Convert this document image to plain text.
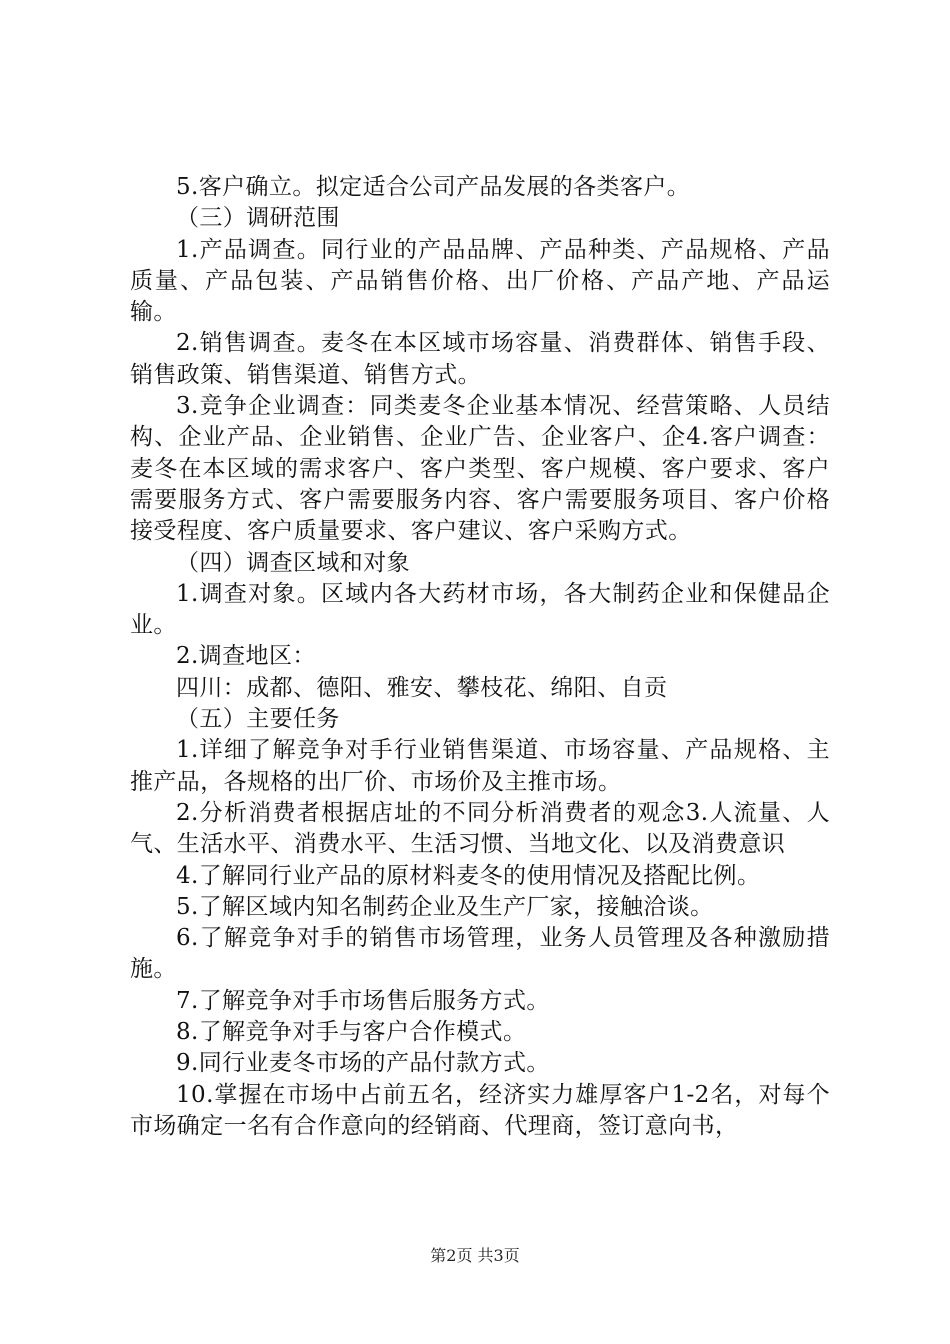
5.客户确立。拟定适合公司产品发展的各类客户。

（三）调研范围

1.产品调查。同行业的产品品牌、产品种类、产品规格、产品质量、产品包装、产品销售价格、出厂价格、产品产地、产品运输。

2.销售调查。麦冬在本区域市场容量、消费群体、销售手段、销售政策、销售渠道、销售方式。

3.竞争企业调查：同类麦冬企业基本情况、经营策略、人员结构、企业产品、企业销售、企业广告、企业客户、企4.客户调查：麦冬在本区域的需求客户、客户类型、客户规模、客户要求、客户需要服务方式、客户需要服务内容、客户需要服务项目、客户价格接受程度、客户质量要求、客户建议、客户采购方式。

（四）调查区域和对象

1.调查对象。区域内各大药材市场，各大制药企业和保健品企业。

2.调查地区：

四川：成都、德阳、雅安、攀枝花、绵阳、自贡

（五）主要任务

1.详细了解竞争对手行业销售渠道、市场容量、产品规格、主推产品，各规格的出厂价、市场价及主推市场。

2.分析消费者根据店址的不同分析消费者的观念3.人流量、人气、生活水平、消费水平、生活习惯、当地文化、以及消费意识

4.了解同行业产品的原材料麦冬的使用情况及搭配比例。

5.了解区域内知名制药企业及生产厂家，接触洽谈。

6.了解竞争对手的销售市场管理，业务人员管理及各种激励措施。

7.了解竞争对手市场售后服务方式。

8.了解竞争对手与客户合作模式。

9.同行业麦冬市场的产品付款方式。

10.掌握在市场中占前五名，经济实力雄厚客户1-2名，对每个市场确定一名有合作意向的经销商、代理商，签订意向书，

第2页 共3页
